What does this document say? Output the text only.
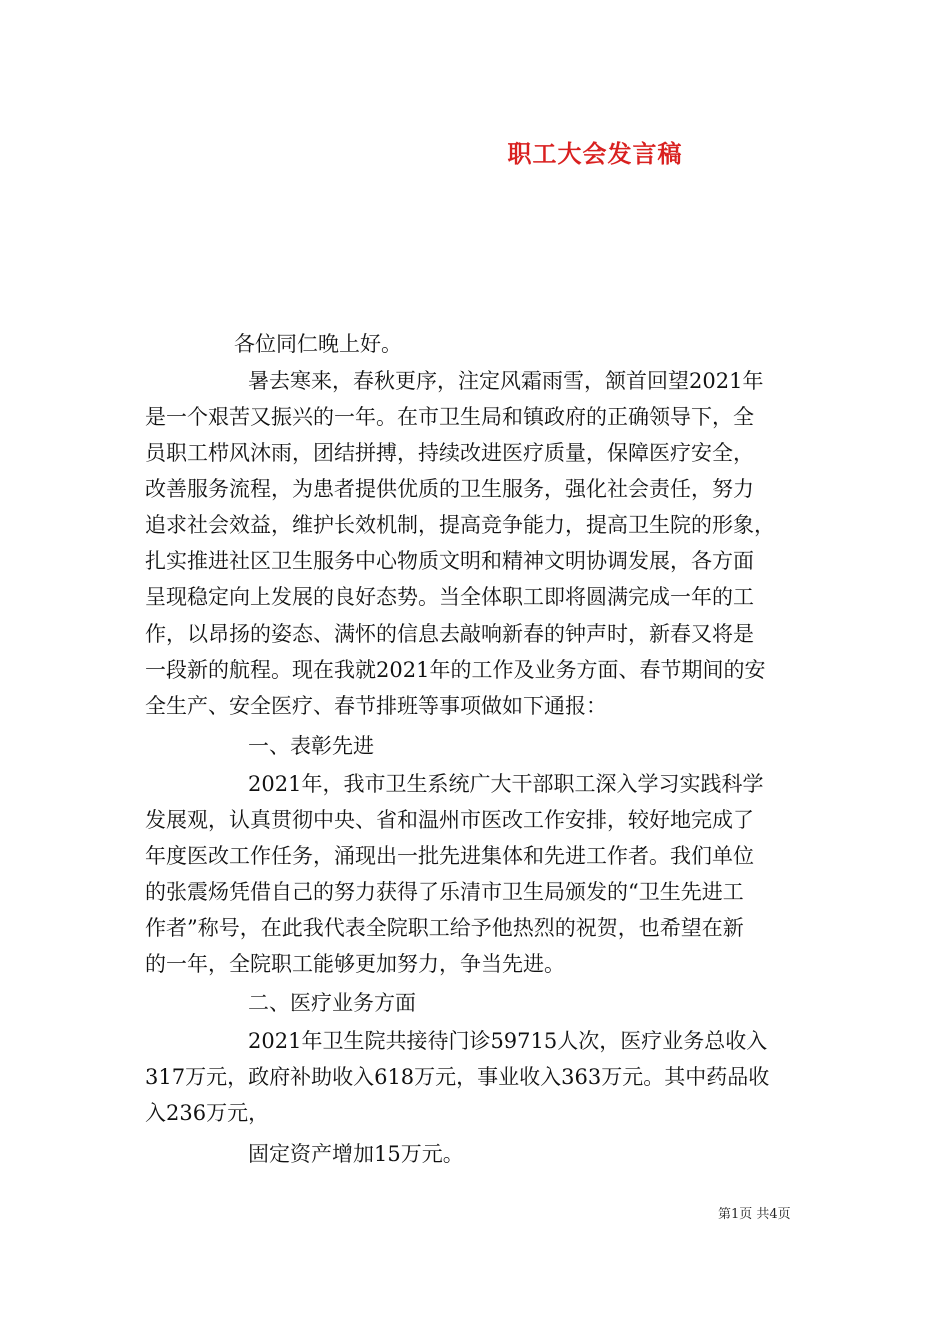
职工大会发言稿
各位同仁晚上好。
暑去寒来，春秋更序，注定风霜雨雪，颔首回望2021年
是一个艰苦又振兴的一年。在市卫生局和镇政府的正确领导下，全
员职工栉风沐雨，团结拼搏，持续改进医疗质量，保障医疗安全，
改善服务流程，为患者提供优质的卫生服务，强化社会责任，努力
追求社会效益，维护长效机制，提高竞争能力，提高卫生院的形象，
扎实推进社区卫生服务中心物质文明和精神文明协调发展，各方面
呈现稳定向上发展的良好态势。当全体职工即将圆满完成一年的工
作，以昂扬的姿态、满怀的信息去敲响新春的钟声时，新春又将是
一段新的航程。现在我就2021年的工作及业务方面、春节期间的安
全生产、安全医疗、春节排班等事项做如下通报：
一、表彰先进
2021年，我市卫生系统广大干部职工深入学习实践科学
发展观，认真贯彻中央、省和温州市医改工作安排，较好地完成了
年度医改工作任务，涌现出一批先进集体和先进工作者。我们单位
的张震炀凭借自己的努力获得了乐清市卫生局颁发的“卫生先进工
作者”称号，在此我代表全院职工给予他热烈的祝贺，也希望在新
的一年，全院职工能够更加努力，争当先进。
二、医疗业务方面
2021年卫生院共接待门诊59715人次，医疗业务总收入
317万元，政府补助收入618万元，事业收入363万元。其中药品收
入236万元，
固定资产增加15万元。
第1页 共4页
